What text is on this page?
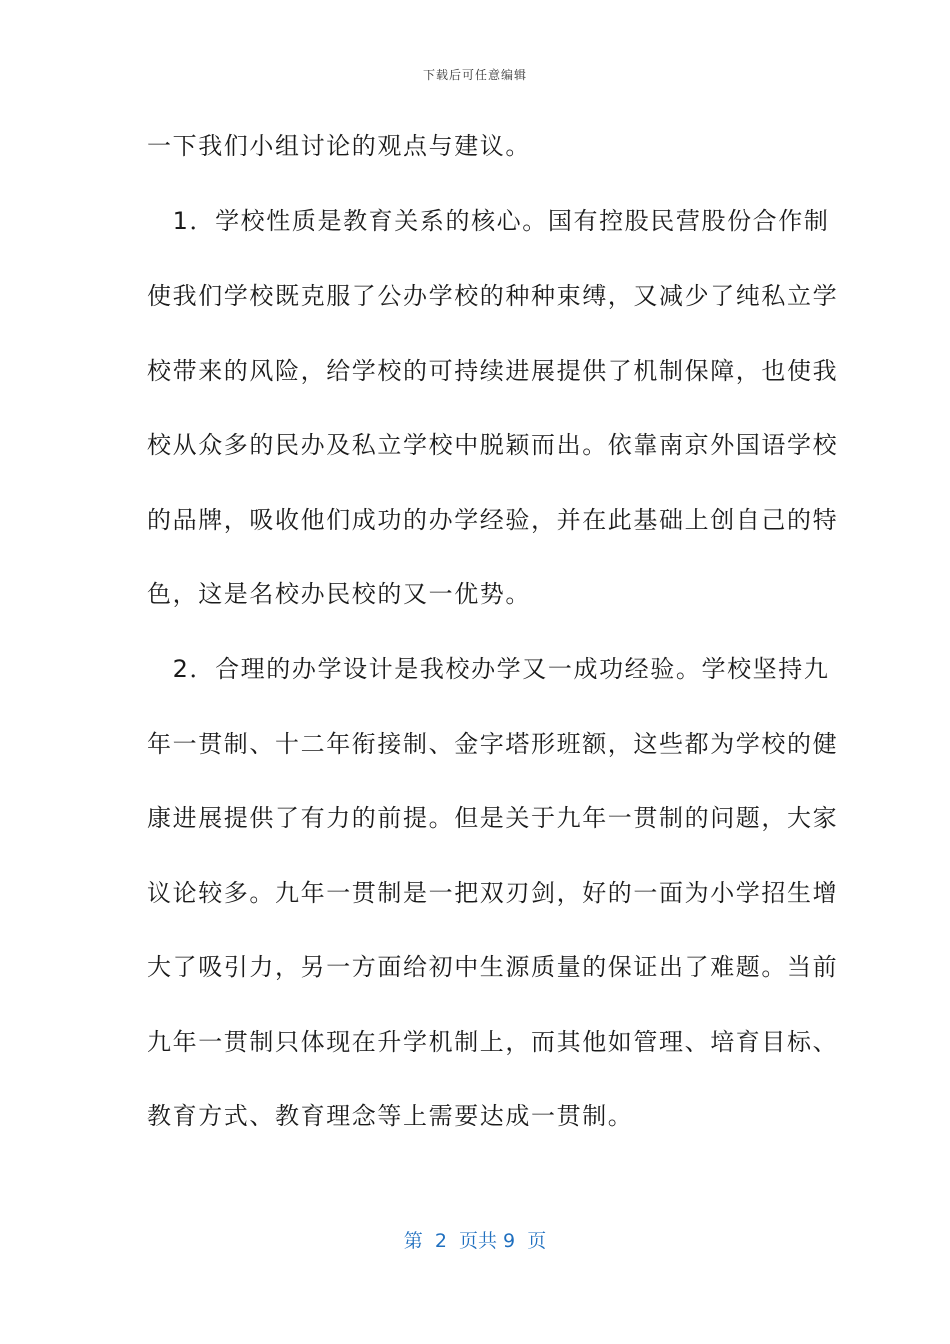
下载后可任意编辑
一下我们小组讨论的观点与建议。
　1．学校性质是教育关系的核心。国有控股民营股份合作制
使我们学校既克服了公办学校的种种束缚，又减少了纯私立学
校带来的风险，给学校的可持续进展提供了机制保障，也使我
校从众多的民办及私立学校中脱颖而出。依靠南京外国语学校
的品牌，吸收他们成功的办学经验，并在此基础上创自己的特
色，这是名校办民校的又一优势。
　2．合理的办学设计是我校办学又一成功经验。学校坚持九
年一贯制、十二年衔接制、金字塔形班额，这些都为学校的健
康进展提供了有力的前提。但是关于九年一贯制的问题，大家
议论较多。九年一贯制是一把双刃剑，好的一面为小学招生增
大了吸引力，另一方面给初中生源质量的保证出了难题。当前
九年一贯制只体现在升学机制上，而其他如管理、培育目标、
教育方式、教育理念等上需要达成一贯制。
第  2  页共 9  页
